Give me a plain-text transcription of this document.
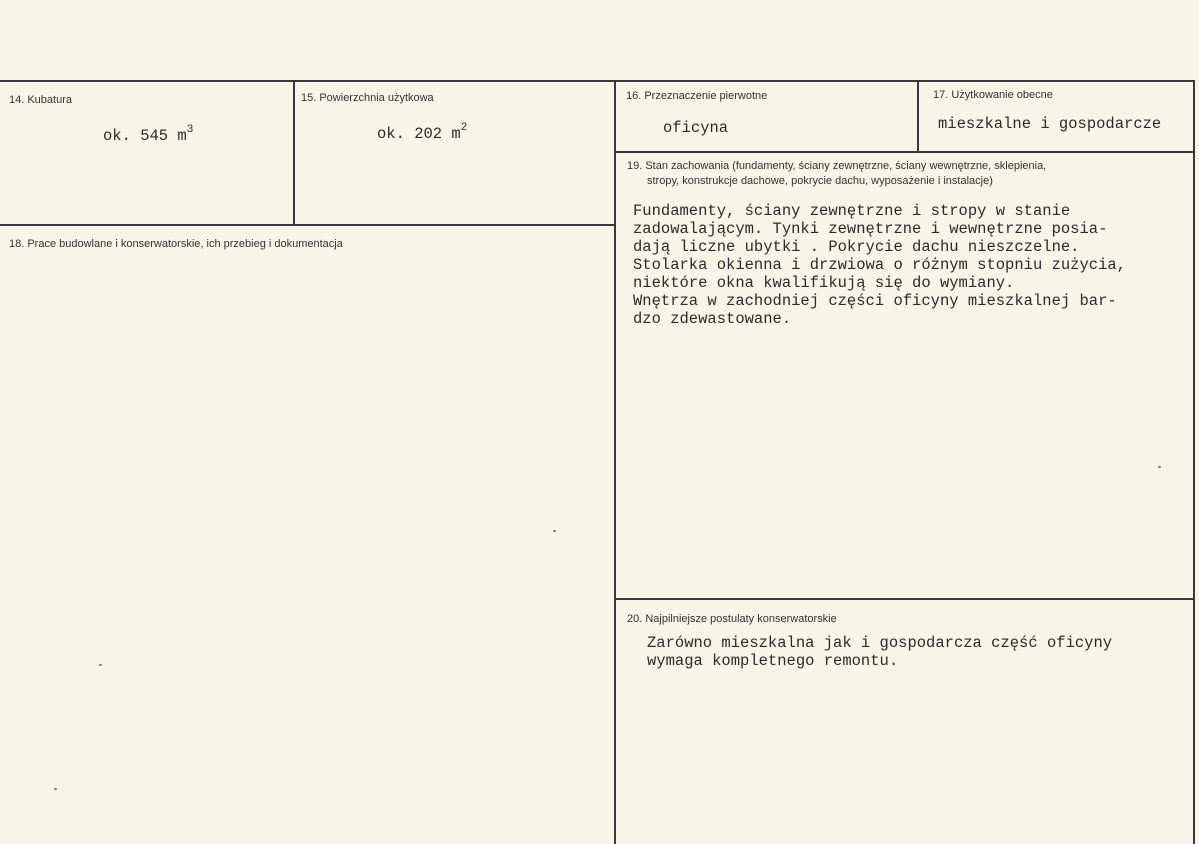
14. Kubatura
ok. 545 $m^3$
15. Powierzchnia użytkowa
ok. 202 $m^2$
16. Przeznaczenie pierwotne
oficyna
17. Użytkowanie obecne
mieszkalne i gospodarcze
18. Prace budowlane i konserwatorskie, ich przebieg i dokumentacja
19. Stan zachowania (fundamenty, ściany zewnętrzne, ściany wewnętrzne, sklepienia,
stropy, konstrukcje dachowe, pokrycie dachu, wyposażenie i instalacje)
Fundamenty, ściany zewnętrzne i stropy w stanie
zadowalającym. Tynki zewnętrzne i wewnętrzne posia-
dają liczne ubytki . Pokrycie dachu nieszczelne.
Stolarka okienna i drzwiowa o różnym stopniu zużycia,
niektóre okna kwalifikują się do wymiany.
Wnętrza w zachodniej części oficyny mieszkalnej bar-
dzo zdewastowane.
20. Najpilniejsze postulaty konserwatorskie
Zarówno mieszkalna jak i gospodarcza część oficyny
wymaga kompletnego remontu.
